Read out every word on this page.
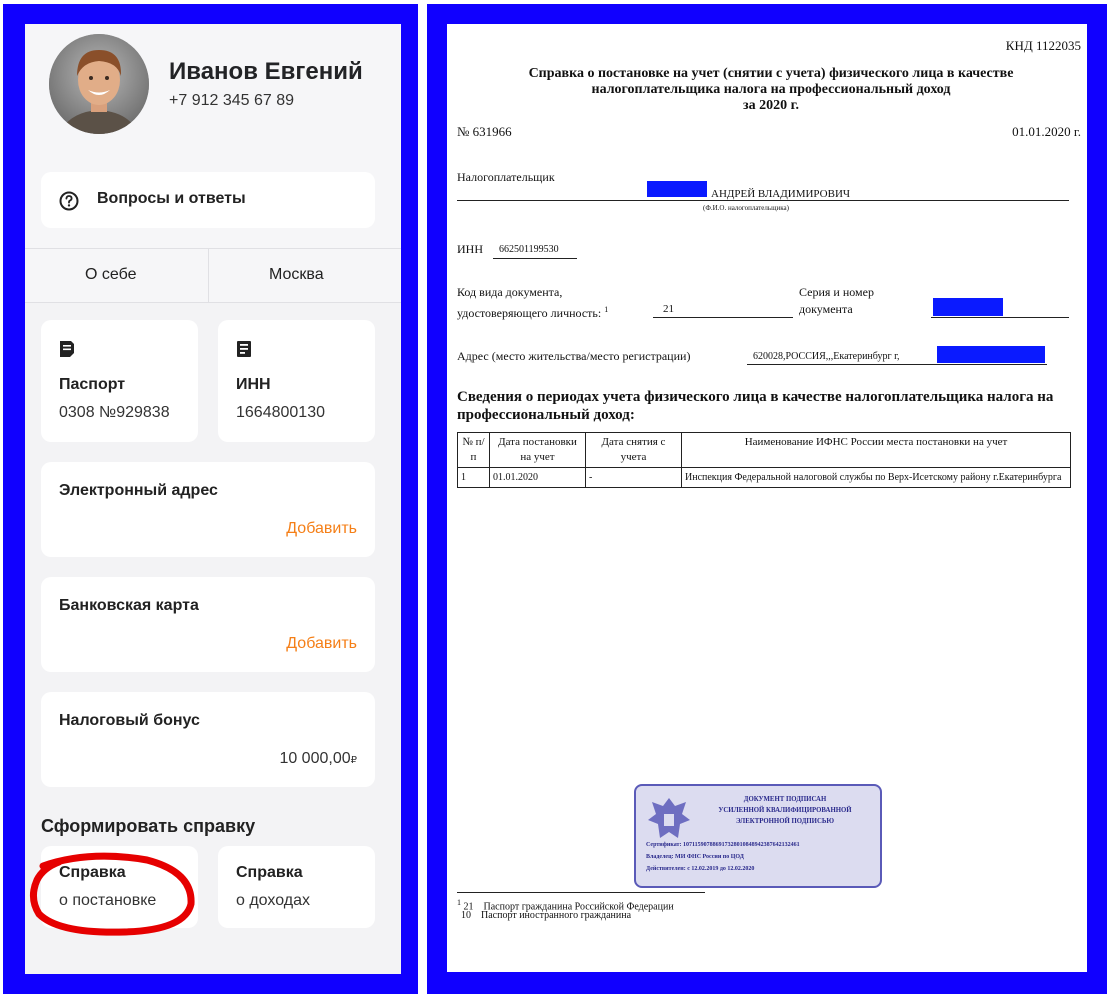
Иванов Евгений
+7 912 345 67 89
Вопросы и ответы
О себе	Москва
Паспорт
0308 №929838
ИНН
1664800130
Электронный адрес
Добавить
Банковская карта
Добавить
Налоговый бонус
10 000,00₽
Сформировать справку
Справка
о постановке
Справка
о доходах
КНД 1122035
Справка о постановке на учет (снятии с учета) физического лица в качестве налогоплательщика налога на профессиональный доход
за 2020 г.
№ 631966	01.01.2020 г.
Налогоплательщик
АНДРЕЙ ВЛАДИМИРОВИЧ
(Ф.И.О. налогоплательщика)
ИНН 662501199530
Код вида документа,
удостоверяющего личность: $^1$	21
Серия и номер
документа
Адрес (место жительства/место регистрации)	620028,РОССИЯ,,,Екатеринбург г,
Сведения о периодах учета физического лица в качестве налогоплательщика налога на профессиональный доход:
№ п/п	Дата постановки на учет	Дата снятия с учета	Наименование ИФНС России места постановки на учет
1	01.01.2020	-	Инспекция Федеральной налоговой службы по Верх-Исетскому району г.Екатеринбурга
ДОКУМЕНТ ПОДПИСАН
УСИЛЕННОЙ КВАЛИФИЦИРОВАННОЙ
ЭЛЕКТРОННОЙ ПОДПИСЬЮ
Сертификат: 107115907886917328010848942387642132461
Владелец: МИ ФНС России по ЦОД
Действителен: с 12.02.2019 до 12.02.2020
$^1$ 21 Паспорт гражданина Российской Федерации
10 Паспорт иностранного гражданина
